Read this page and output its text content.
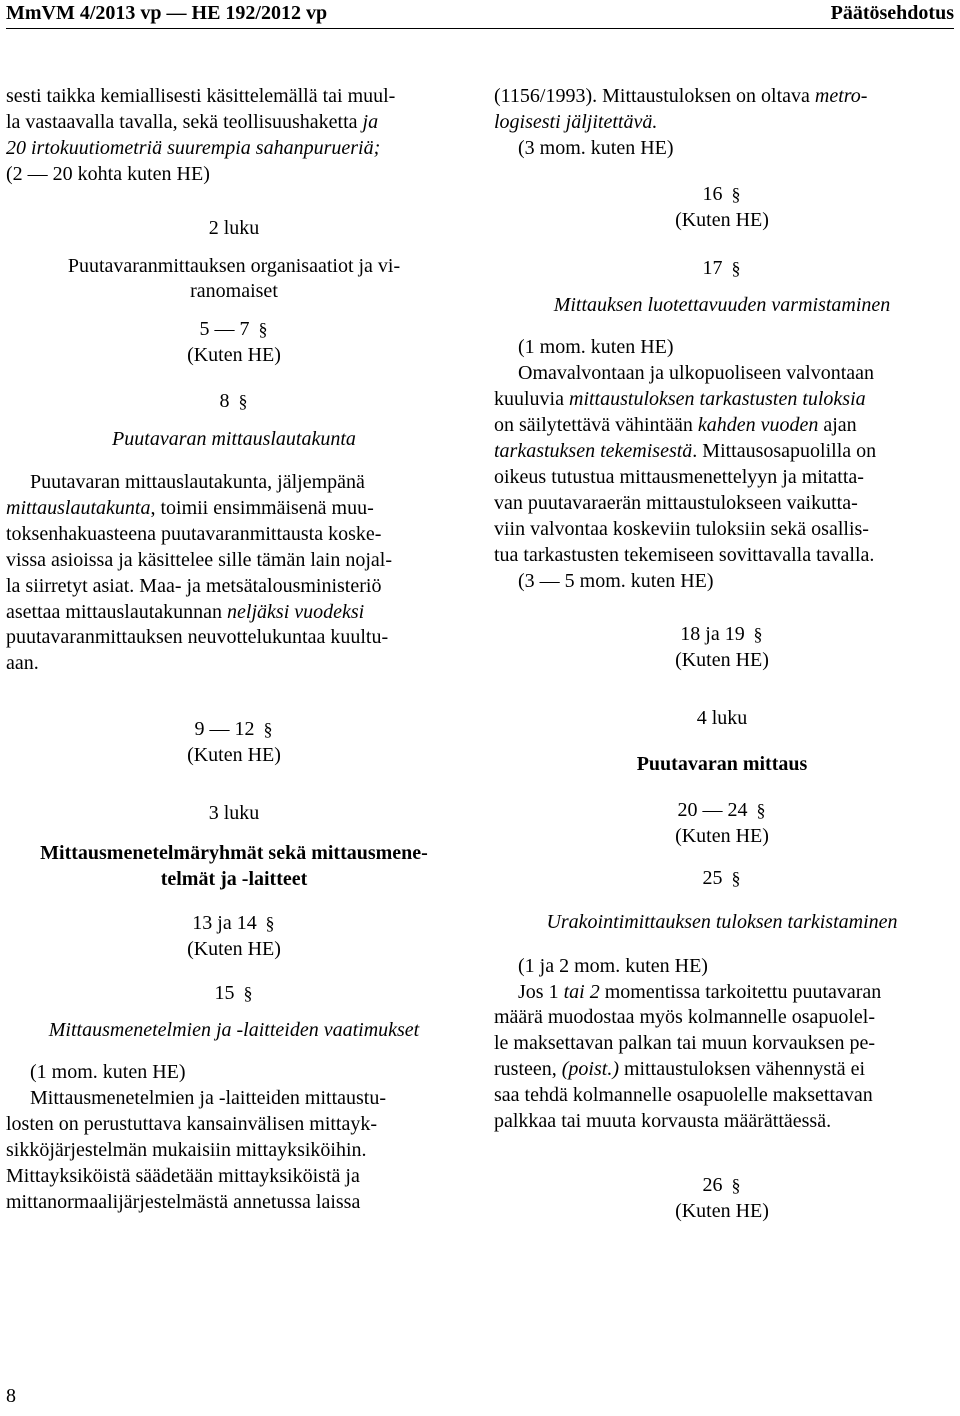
MmVM 4/2013 vp — HE 192/2012 vp	Päätösehdotus

sesti taikka kemiallisesti käsittelemällä tai muul-

la vastaavalla tavalla, sekä teollisuushaketta ja

20 irtokuutiometriä suurempia sahanpurueriä;

(2 — 20 kohta kuten HE)

2 luku

Puutavaranmittauksen organisaatiot ja vi-

ranomaiset

5 — 7 §

(Kuten HE)

8 §

Puutavaran mittauslautakunta

Puutavaran mittauslautakunta, jäljempänä

mittauslautakunta, toimii ensimmäisenä muu-

toksenhakuasteena puutavaranmittausta koske-

vissa asioissa ja käsittelee sille tämän lain nojal-

la siirretyt asiat. Maa- ja metsätalousministeriö

asettaa mittauslautakunnan neljäksi vuodeksi

puutavaranmittauksen neuvottelukuntaa kuultu-

aan.

9 — 12 §

(Kuten HE)

3 luku

Mittausmenetelmäryhmät sekä mittausmene-

telmät ja -laitteet

13 ja 14 §

(Kuten HE)

15 §

Mittausmenetelmien ja -laitteiden vaatimukset

(1 mom. kuten HE)

Mittausmenetelmien ja -laitteiden mittaustu-

losten on perustuttava kansainvälisen mittayk-

sikköjärjestelmän mukaisiin mittayksiköihin.

Mittayksiköistä säädetään mittayksiköistä ja

mittanormaalijärjestelmästä annetussa laissa

(1156/1993). Mittaustuloksen on oltava metro-

logisesti jäljitettävä.

(3 mom. kuten HE)

16 §

(Kuten HE)

17 §

Mittauksen luotettavuuden varmistaminen

(1 mom. kuten HE)

Omavalvontaan ja ulkopuoliseen valvontaan

kuuluvia mittaustuloksen tarkastusten tuloksia

on säilytettävä vähintään kahden vuoden ajan

tarkastuksen tekemisestä. Mittausosapuolilla on

oikeus tutustua mittausmenettelyyn ja mitatta-

van puutavaraerän mittaustulokseen vaikutta-

viin valvontaa koskeviin tuloksiin sekä osallis-

tua tarkastusten tekemiseen sovittavalla tavalla.

(3 — 5 mom. kuten HE)

18 ja 19 §

(Kuten HE)

4 luku

Puutavaran mittaus

20 — 24 §

(Kuten HE)

25 §

Urakointimittauksen tuloksen tarkistaminen

(1 ja 2 mom. kuten HE)

Jos 1 tai 2 momentissa tarkoitettu puutavaran

määrä muodostaa myös kolmannelle osapuolel-

le maksettavan palkan tai muun korvauksen pe-

rusteen, (poist.) mittaustuloksen vähennystä ei

saa tehdä kolmannelle osapuolelle maksettavan

palkkaa tai muuta korvausta määrättäessä.

26 §

(Kuten HE)

8
